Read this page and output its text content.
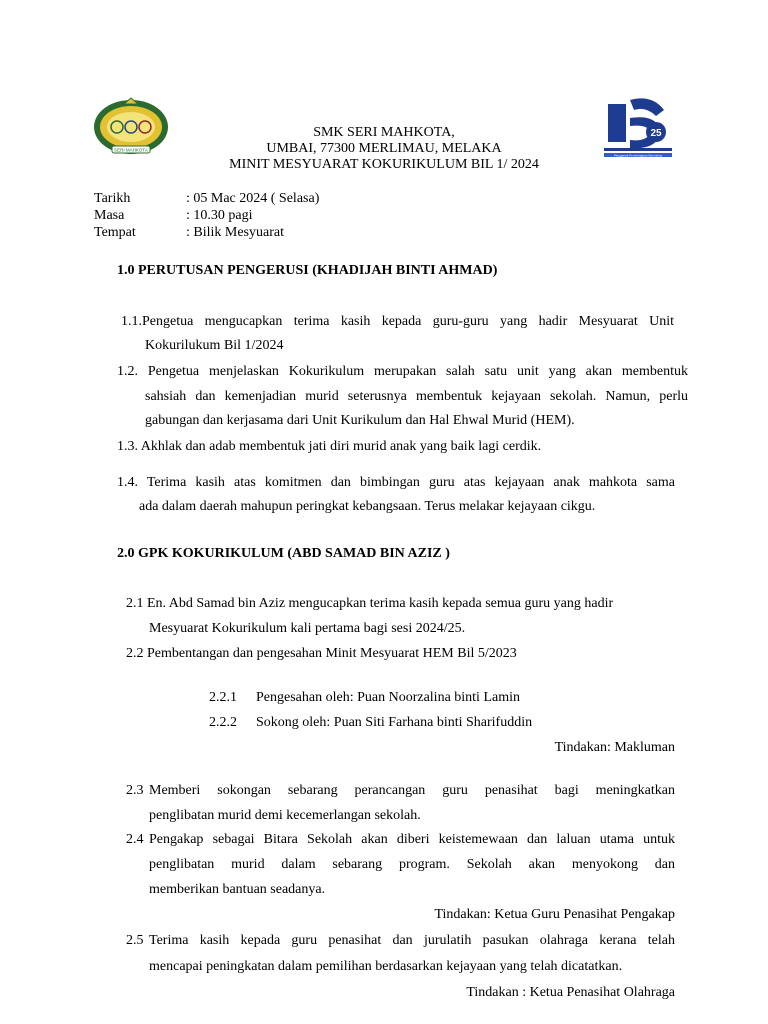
SERI MAHKOTA
25
Penggerak Pembelajaran Bermakna
SMK SERI MAHKOTA,
UMBAI, 77300 MERLIMAU, MELAKA
MINIT MESYUARAT KOKURIKULUM BIL 1/ 2024
Tarikh	: 05 Mac 2024 ( Selasa)
Masa	: 10.30 pagi
Tempat	: Bilik Mesyuarat
1.0 PERUTUSAN PENGERUSI (KHADIJAH BINTI AHMAD)
1.1.Pengetua mengucapkan terima kasih kepada guru-guru yang hadir Mesyuarat Unit
Kokurilukum Bil 1/2024
1.2. Pengetua menjelaskan Kokurikulum merupakan salah satu unit yang akan membentuk
sahsiah dan kemenjadian murid seterusnya membentuk kejayaan sekolah. Namun, perlu
gabungan dan kerjasama dari Unit Kurikulum dan Hal Ehwal Murid (HEM).
1.3. Akhlak dan adab membentuk jati diri murid anak yang baik lagi cerdik.
1.4. Terima kasih atas komitmen dan bimbingan guru atas kejayaan anak mahkota sama
ada dalam daerah mahupun peringkat kebangsaan. Terus melakar kejayaan cikgu.
2.0 GPK KOKURIKULUM (ABD SAMAD BIN AZIZ )
2.1 En. Abd Samad bin Aziz mengucapkan terima kasih kepada semua guru yang hadir
Mesyuarat Kokurikulum kali pertama bagi sesi 2024/25.
2.2 Pembentangan dan pengesahan Minit Mesyuarat HEM Bil 5/2023
2.2.1 Pengesahan oleh: Puan Noorzalina binti Lamin
2.2.2 Sokong oleh: Puan Siti Farhana binti Sharifuddin
Tindakan: Makluman
2.3 Memberi sokongan sebarang perancangan guru penasihat bagi meningkatkan
penglibatan murid demi kecemerlangan sekolah.
2.4 Pengakap sebagai Bitara Sekolah akan diberi keistemewaan dan laluan utama untuk
penglibatan murid dalam sebarang program. Sekolah akan menyokong dan
memberikan bantuan seadanya.
Tindakan: Ketua Guru Penasihat Pengakap
2.5 Terima kasih kepada guru penasihat dan jurulatih pasukan olahraga kerana telah
mencapai peningkatan dalam pemilihan berdasarkan kejayaan yang telah dicatatkan.
Tindakan : Ketua Penasihat Olahraga
